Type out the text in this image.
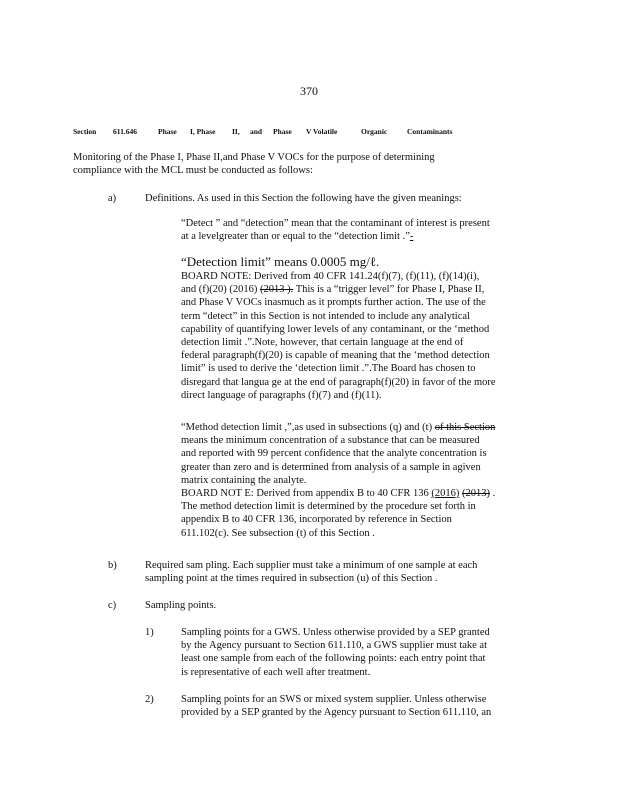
370
Section 611.646	Phase I, Phase II, and Phase V Volatile	Organic	Contaminants
Monitoring of the Phase I, Phase II,and Phase V VOCs for the purpose of determining
compliance with the MCL must be conducted as follows:
a)	Definitions. As used in this Section the following have the given meanings:
“Detect ” and “detection” mean that the contaminant of interest is present
at a levelgreater than or equal to the “detection limit .”-
“Detection limit” means 0.0005 mg/ℓ.
BOARD NOTE: Derived from 40 CFR 141.24(f)(7), (f)(11), (f)(14)(i),
and (f)(20) (2016) (2013 ). This is a “trigger level” for Phase I, Phase II,
and Phase V VOCs inasmuch as it prompts further action. The use of the
term “detect” in this Section is not intended to include any analytical
capability of quantifying lower levels of any contaminant, or the ‘method
detection limit .”.Note, however, that certain language at the end of
federal paragraph(f)(20) is capable of meaning that the ‘method detection
limit” is used to derive the ‘detection limit .”.The Board has chosen to
disregard that langua ge at the end of paragraph(f)(20) in favor of the more
direct language of paragraphs (f)(7) and (f)(11).
“Method detection limit ,”,as used in subsections (q) and (t) of this Section
means the minimum concentration of a substance that can be measured
and reported with 99 percent confidence that the analyte concentration is
greater than zero and is determined from analysis of a sample in agiven
matrix containing the analyte.
BOARD NOT E: Derived from appendix B to 40 CFR 136 (2016) (2013) .
The method detection limit is determined by the procedure set forth in
appendix B to 40 CFR 136, incorporated by reference in Section
611.102(c). See subsection (t) of this Section .
b)	Required sam pling. Each supplier must take a minimum of one sample at each
sampling point at the times required in subsection (u) of this Section .
c)	Sampling points.
1)	Sampling points for a GWS. Unless otherwise provided by a SEP granted
by the Agency pursuant to Section 611.110, a GWS supplier must take at
least one sample from each of the following points: each entry point that
is representative of each well after treatment.
2)	Sampling points for an SWS or mixed system supplier. Unless otherwise
provided by a SEP granted by the Agency pursuant to Section 611.110, an
